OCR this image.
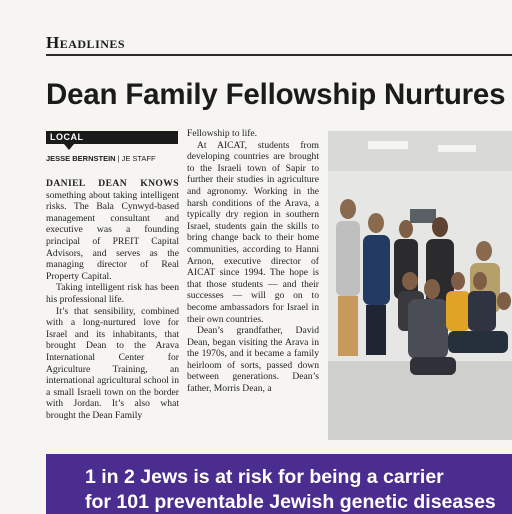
Headlines
Dean Family Fellowship Nurtures
LOCAL
JESSE BERNSTEIN | JE STAFF

DANIEL DEAN KNOWS something about taking intelligent risks. The Bala Cynwyd-based management consultant and executive was a founding principal of PREIT Capital Advisors, and serves as the managing director of Real Property Capital.

Taking intelligent risk has been his professional life.

It’s that sensibility, combined with a long-nurtured love for Israel and its inhabitants, that brought Dean to the Arava International Center for Agriculture Training, an international agricultural school in a small Israeli town on the border with Jordan. It’s also what brought the Dean Family

Fellowship to life.

At AICAT, students from developing countries are brought to the Israeli town of Sapir to further their studies in agriculture and agronomy. Working in the harsh conditions of the Arava, a typically dry region in southern Israel, students gain the skills to bring change back to their home communities, according to Hanni Arnon, executive director of AICAT since 1994. The hope is that those students — and their successes — will go on to become ambassadors for Israel in their own countries.

Dean’s grandfather, David Dean, began visiting the Arava in the 1970s, and it became a family heirloom of sorts, passed down between generations. Dean’s father, Morris Dean, a

1 in 2 Jews is at risk for being a carrier
for 101 preventable Jewish genetic diseases
